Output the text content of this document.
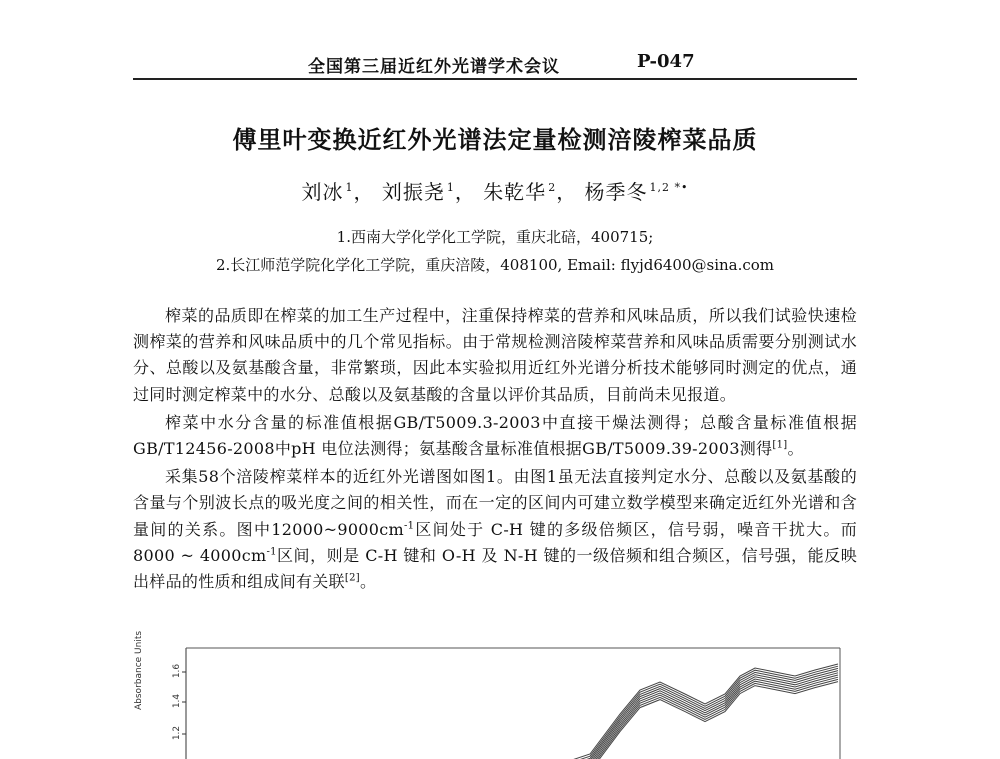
全国第三届近红外光谱学术会议	P-047
傅里叶变换近红外光谱法定量检测涪陵榨菜品质
刘冰 $^1$， 刘振尧 $^1$， 朱乾华 $^2$， 杨季冬 $^{1,2 *•}$
1.西南大学化学化工学院，重庆北碚，400715;
2.长江师范学院化学化工学院，重庆涪陵，408100, Email: flyjd6400@sina.com

榨菜的品质即在榨菜的加工生产过程中，注重保持榨菜的营养和风味品质，所以我们试验快速检测榨菜的营养和风味品质中的几个常见指标。由于常规检测涪陵榨菜营养和风味品质需要分别测试水分、总酸以及氨基酸含量，非常繁琐，因此本实验拟用近红外光谱分析技术能够同时测定的优点，通过同时测定榨菜中的水分、总酸以及氨基酸的含量以评价其品质，目前尚未见报道。

榨菜中水分含量的标准值根据GB/T5009.3-2003中直接干燥法测得；总酸含量标准值根据GB/T12456-2008中pH 电位法测得；氨基酸含量标准值根据GB/T5009.39-2003测得[1]。

采集58个涪陵榨菜样本的近红外光谱图如图1。由图1虽无法直接判定水分、总酸以及氨基酸的含量与个别波长点的吸光度之间的相关性，而在一定的区间内可建立数学模型来确定近红外光谱和含量间的关系。图中$12000\sim 9000cm^{-1}$区间处于 C-H 键的多级倍频区，信号弱，噪音干扰大。而8000 ~ $4000cm^{-1}$区间，则是 C-H 键和 O-H 及 N-H 键的一级倍频和组合频区，信号强，能反映出样品的性质和组成间有关联[2]。

Absorbance Units	1.6
1.4
1.2
